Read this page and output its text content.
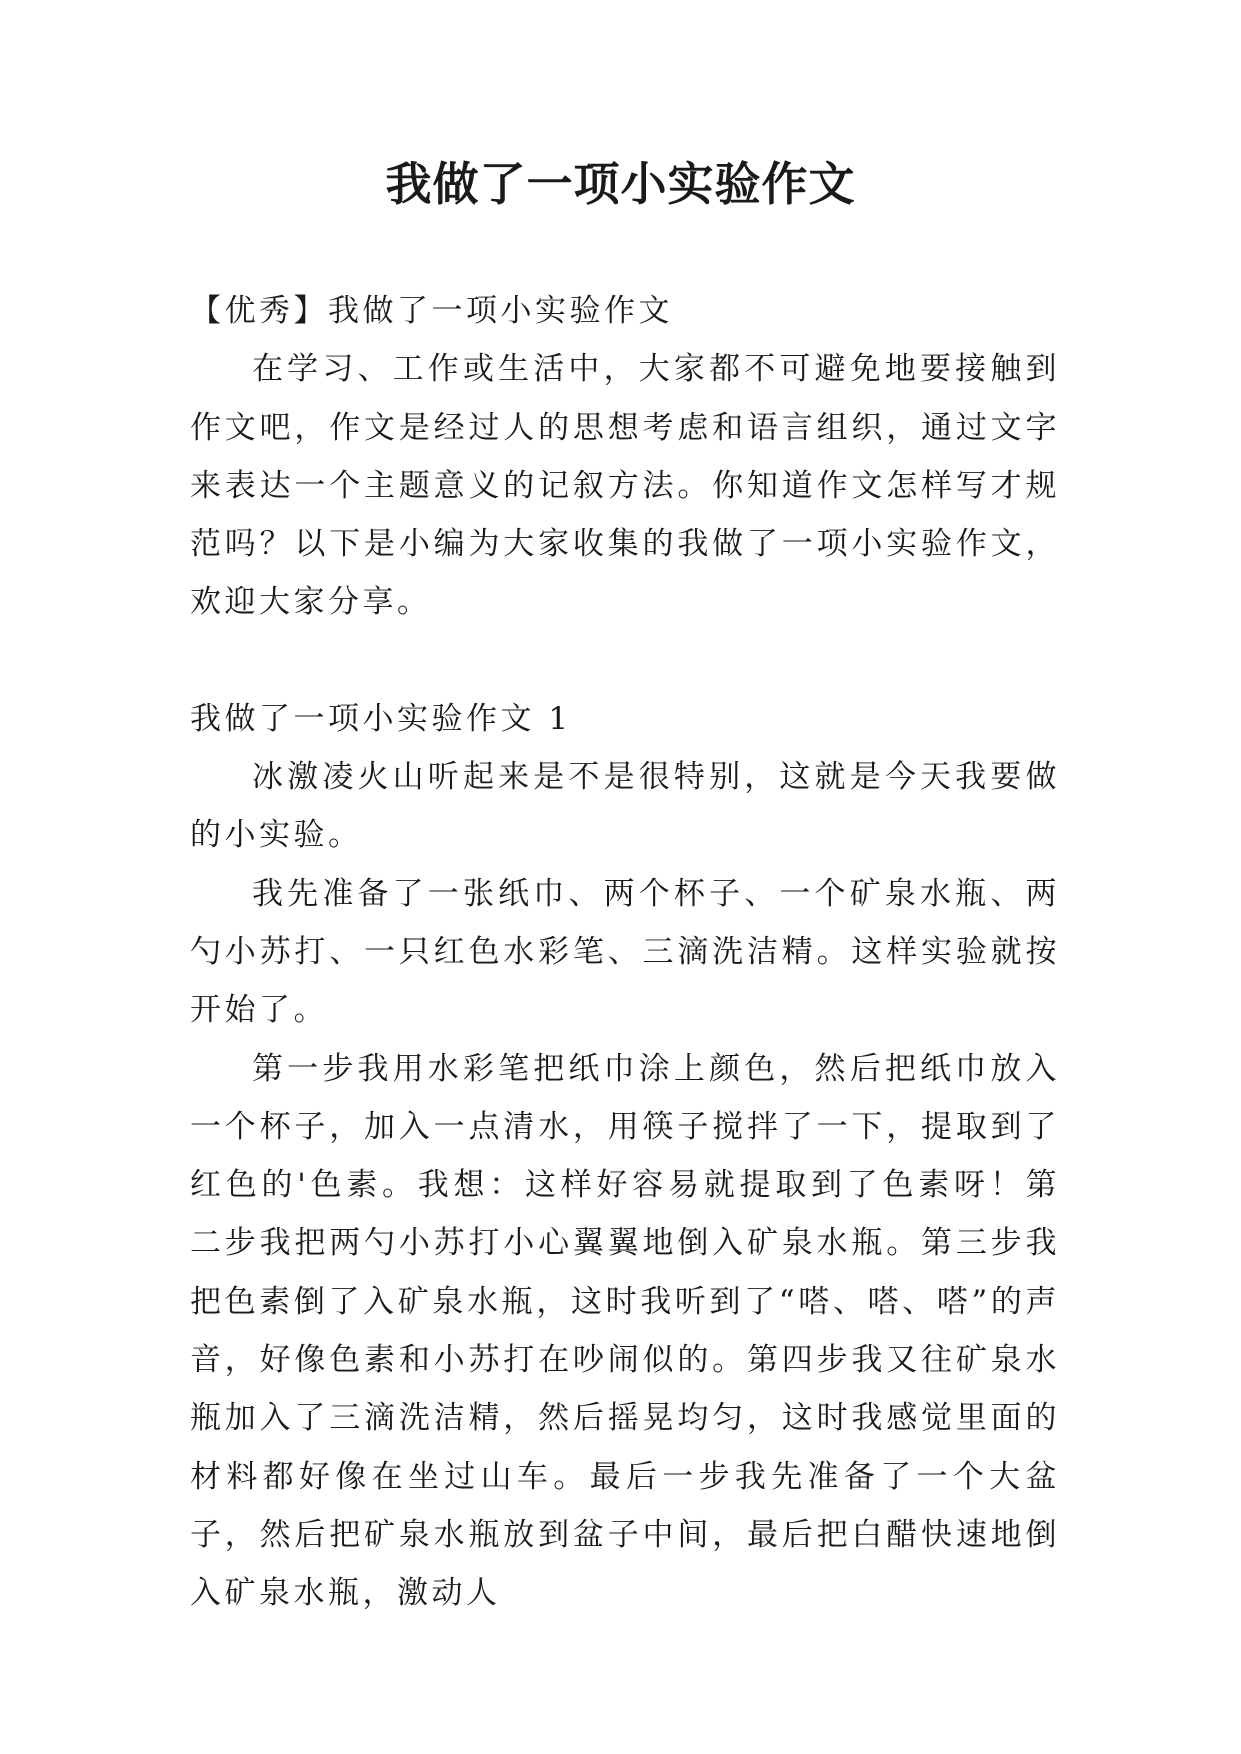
我做了一项小实验作文

【优秀】我做了一项小实验作文

在学习、工作或生活中，大家都不可避免地要接触到作文吧，作文是经过人的思想考虑和语言组织，通过文字来表达一个主题意义的记叙方法。你知道作文怎样写才规范吗？以下是小编为大家收集的我做了一项小实验作文，欢迎大家分享。

我做了一项小实验作文 1

冰激凌火山听起来是不是很特别，这就是今天我要做的小实验。

我先准备了一张纸巾、两个杯子、一个矿泉水瓶、两勺小苏打、一只红色水彩笔、三滴洗洁精。这样实验就按开始了。

第一步我用水彩笔把纸巾涂上颜色，然后把纸巾放入一个杯子，加入一点清水，用筷子搅拌了一下，提取到了红色的'色素。我想：这样好容易就提取到了色素呀！第二步我把两勺小苏打小心翼翼地倒入矿泉水瓶。第三步我把色素倒了入矿泉水瓶，这时我听到了“嗒、嗒、嗒”的声音，好像色素和小苏打在吵闹似的。第四步我又往矿泉水瓶加入了三滴洗洁精，然后摇晃均匀，这时我感觉里面的材料都好像在坐过山车。最后一步我先准备了一个大盆子，然后把矿泉水瓶放到盆子中间，最后把白醋快速地倒入矿泉水瓶，激动人
